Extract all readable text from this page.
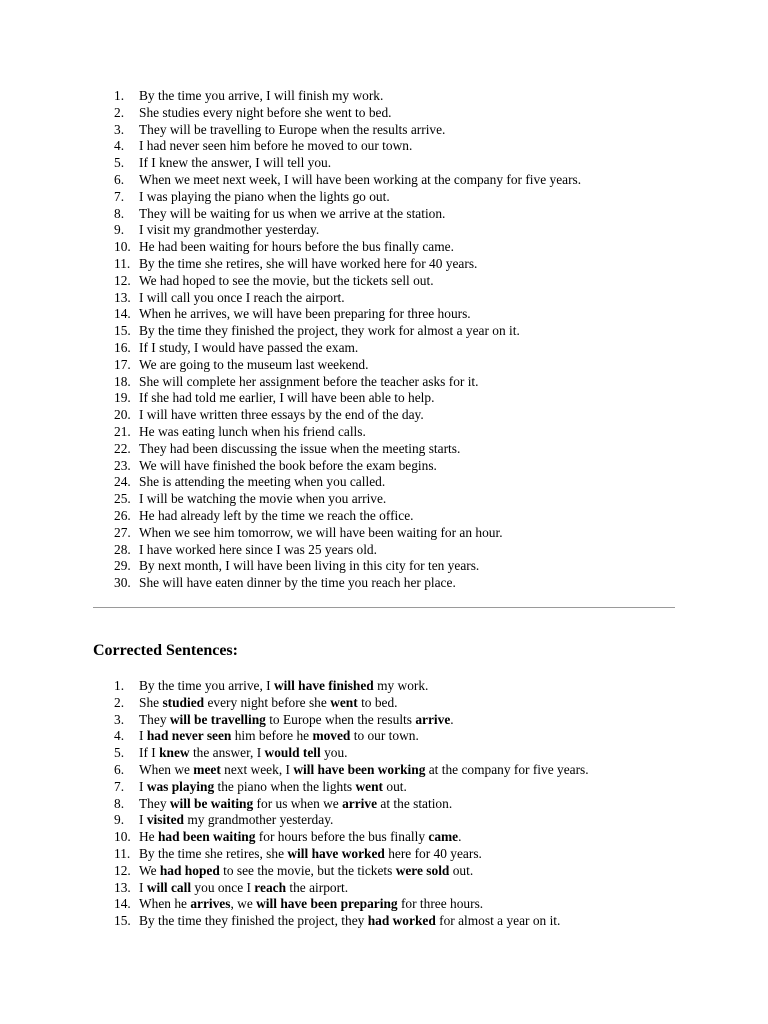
1.	By the time you arrive, I will finish my work.
2.	She studies every night before she went to bed.
3.	They will be travelling to Europe when the results arrive.
4.	I had never seen him before he moved to our town.
5.	If I knew the answer, I will tell you.
6.	When we meet next week, I will have been working at the company for five years.
7.	I was playing the piano when the lights go out.
8.	They will be waiting for us when we arrive at the station.
9.	I visit my grandmother yesterday.
10. He had been waiting for hours before the bus finally came.
11. By the time she retires, she will have worked here for 40 years.
12. We had hoped to see the movie, but the tickets sell out.
13. I will call you once I reach the airport.
14. When he arrives, we will have been preparing for three hours.
15. By the time they finished the project, they work for almost a year on it.
16. If I study, I would have passed the exam.
17. We are going to the museum last weekend.
18. She will complete her assignment before the teacher asks for it.
19. If she had told me earlier, I will have been able to help.
20. I will have written three essays by the end of the day.
21. He was eating lunch when his friend calls.
22. They had been discussing the issue when the meeting starts.
23. We will have finished the book before the exam begins.
24. She is attending the meeting when you called.
25. I will be watching the movie when you arrive.
26. He had already left by the time we reach the office.
27. When we see him tomorrow, we will have been waiting for an hour.
28. I have worked here since I was 25 years old.
29. By next month, I will have been living in this city for ten years.
30. She will have eaten dinner by the time you reach her place.
Corrected Sentences:
1.	By the time you arrive, I will have finished my work.
2.	She studied every night before she went to bed.
3.	They will be travelling to Europe when the results arrive.
4.	I had never seen him before he moved to our town.
5.	If I knew the answer, I would tell you.
6.	When we meet next week, I will have been working at the company for five years.
7.	I was playing the piano when the lights went out.
8.	They will be waiting for us when we arrive at the station.
9.	I visited my grandmother yesterday.
10. He had been waiting for hours before the bus finally came.
11. By the time she retires, she will have worked here for 40 years.
12. We had hoped to see the movie, but the tickets were sold out.
13. I will call you once I reach the airport.
14. When he arrives, we will have been preparing for three hours.
15. By the time they finished the project, they had worked for almost a year on it.
